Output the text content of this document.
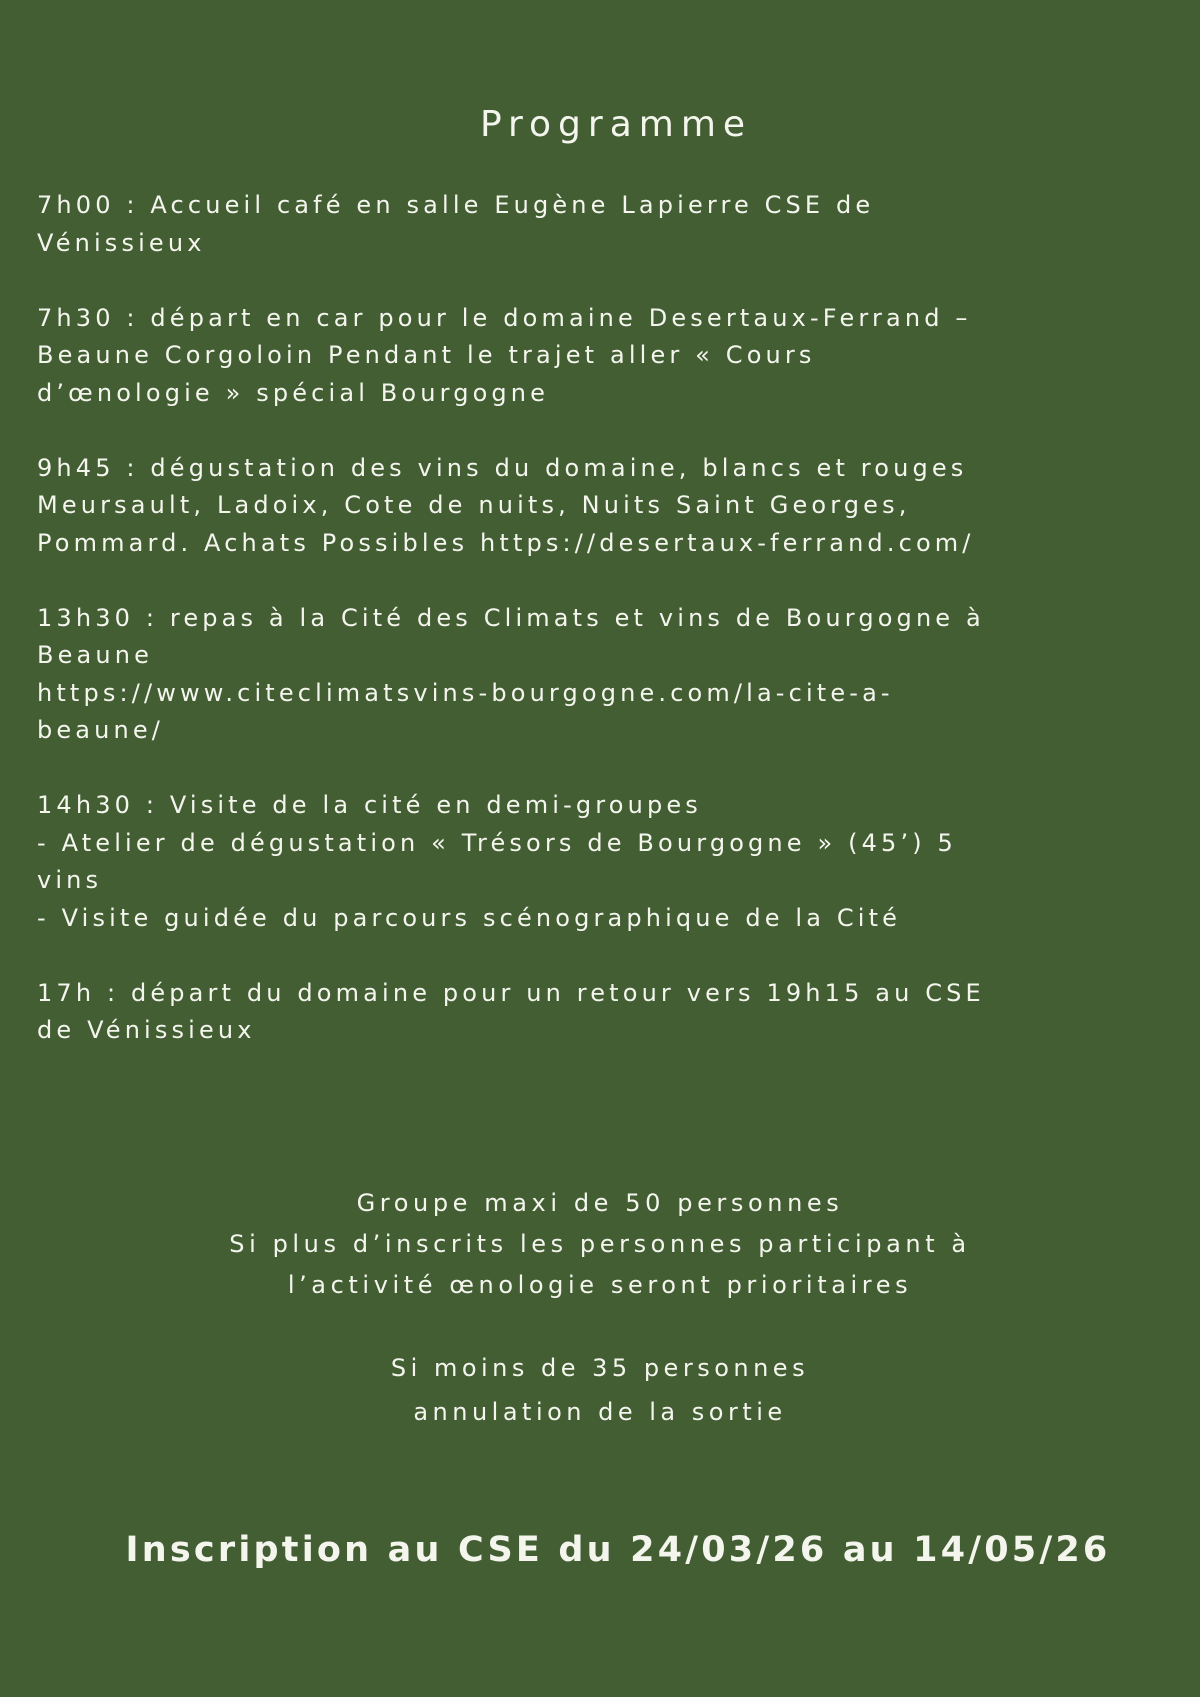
Programme
7h00 : Accueil café en salle Eugène Lapierre CSE de
Vénissieux
7h30 : départ en car pour le domaine Desertaux-Ferrand –
Beaune Corgoloin Pendant le trajet aller « Cours
d’œnologie » spécial Bourgogne
9h45 : dégustation des vins du domaine, blancs et rouges
Meursault, Ladoix, Cote de nuits, Nuits Saint Georges,
Pommard. Achats Possibles https://desertaux-ferrand.com/
13h30 : repas à la Cité des Climats et vins de Bourgogne à
Beaune
https://www.citeclimatsvins-bourgogne.com/la-cite-a-
beaune/
14h30 : Visite de la cité en demi-groupes
- Atelier de dégustation « Trésors de Bourgogne » (45’) 5
vins
- Visite guidée du parcours scénographique de la Cité
17h : départ du domaine pour un retour vers 19h15 au CSE
de Vénissieux
Groupe maxi de 50 personnes
Si plus d’inscrits les personnes participant à
l’activité œnologie seront prioritaires
Si moins de 35 personnes
annulation de la sortie
Inscription au CSE du 24/03/26 au 14/05/26
